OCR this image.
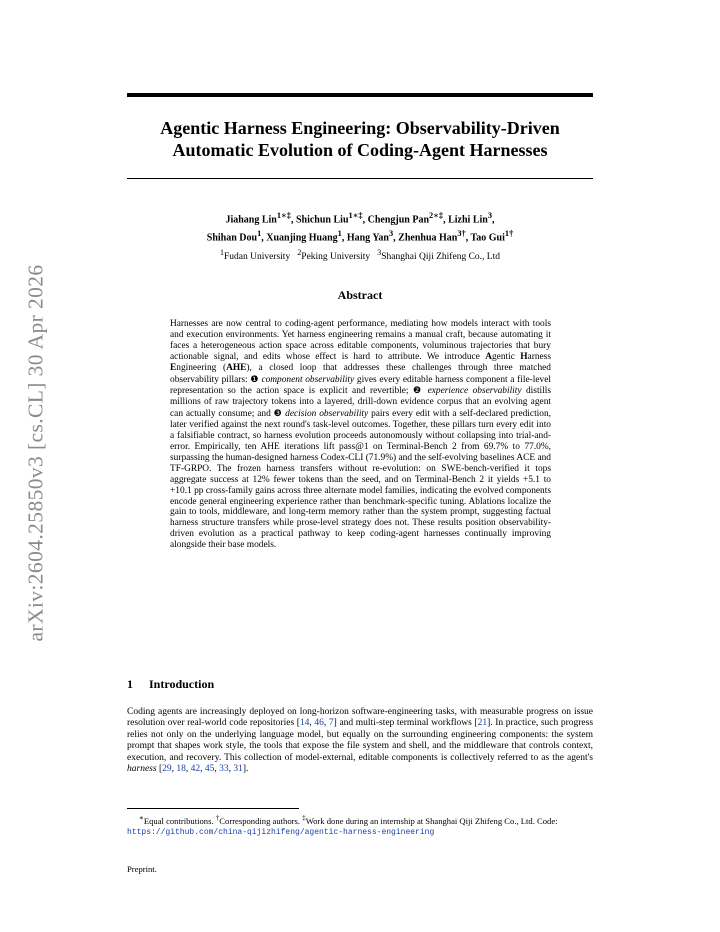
arXiv:2604.25850v3 [cs.CL] 30 Apr 2026
Agentic Harness Engineering: Observability-Driven Automatic Evolution of Coding-Agent Harnesses
Jiahang Lin$^{1∗\ddagger}$, Shichun Liu$^{1∗\ddagger}$, Chengjun Pan$^{2∗\ddagger}$, Lizhi Lin$^3$,
Shihan Dou$^1$, Xuanjing Huang$^1$, Hang Yan$^3$, Zhenhua Han$^{3\dagger}$, Tao Gui$^{1\dagger}$
$^1$Fudan University $^2$Peking University $^3$Shanghai Qiji Zhifeng Co., Ltd
Abstract

Harnesses are now central to coding-agent performance, mediating how models interact with tools and execution environments. Yet harness engineering remains a manual craft, because automating it faces a heterogeneous action space across editable components, voluminous trajectories that bury actionable signal, and edits whose effect is hard to attribute. We introduce Agentic Harness Engineering (AHE), a closed loop that addresses these challenges through three matched observability pillars: ❶ component observability gives every editable harness component a file-level representation so the action space is explicit and revertible; ❷ experience observability distills millions of raw trajectory tokens into a layered, drill-down evidence corpus that an evolving agent can actually consume; and ❸ decision observability pairs every edit with a self-declared prediction, later verified against the next round's task-level outcomes. Together, these pillars turn every edit into a falsifiable contract, so harness evolution proceeds autonomously without collapsing into trial-and-error. Empirically, ten AHE iterations lift pass@1 on Terminal-Bench 2 from 69.7% to 77.0%, surpassing the human-designed harness Codex-CLI (71.9%) and the self-evolving baselines ACE and TF-GRPO. The frozen harness transfers without re-evolution: on SWE-bench-verified it tops aggregate success at 12% fewer tokens than the seed, and on Terminal-Bench 2 it yields +5.1 to +10.1 pp cross-family gains across three alternate model families, indicating the evolved components encode general engineering experience rather than benchmark-specific tuning. Ablations localize the gain to tools, middleware, and long-term memory rather than the system prompt, suggesting factual harness structure transfers while prose-level strategy does not. These results position observability-driven evolution as a practical pathway to keep coding-agent harnesses continually improving alongside their base models.

1 Introduction

Coding agents are increasingly deployed on long-horizon software-engineering tasks, with measurable progress on issue resolution over real-world code repositories [14, 46, 7] and multi-step terminal workflows [21]. In practice, such progress relies not only on the underlying language model, but equally on the surrounding engineering components: the system prompt that shapes work style, the tools that expose the file system and shell, and the middleware that controls context, execution, and recovery. This collection of model-external, editable components is collectively referred to as the agent's harness [29, 18, 42, 45, 33, 31].

∗Equal contributions. †Corresponding authors. ‡Work done during an internship at Shanghai Qiji Zhifeng Co., Ltd. Code: https://github.com/china-qijizhifeng/agentic-harness-engineering

Preprint.
